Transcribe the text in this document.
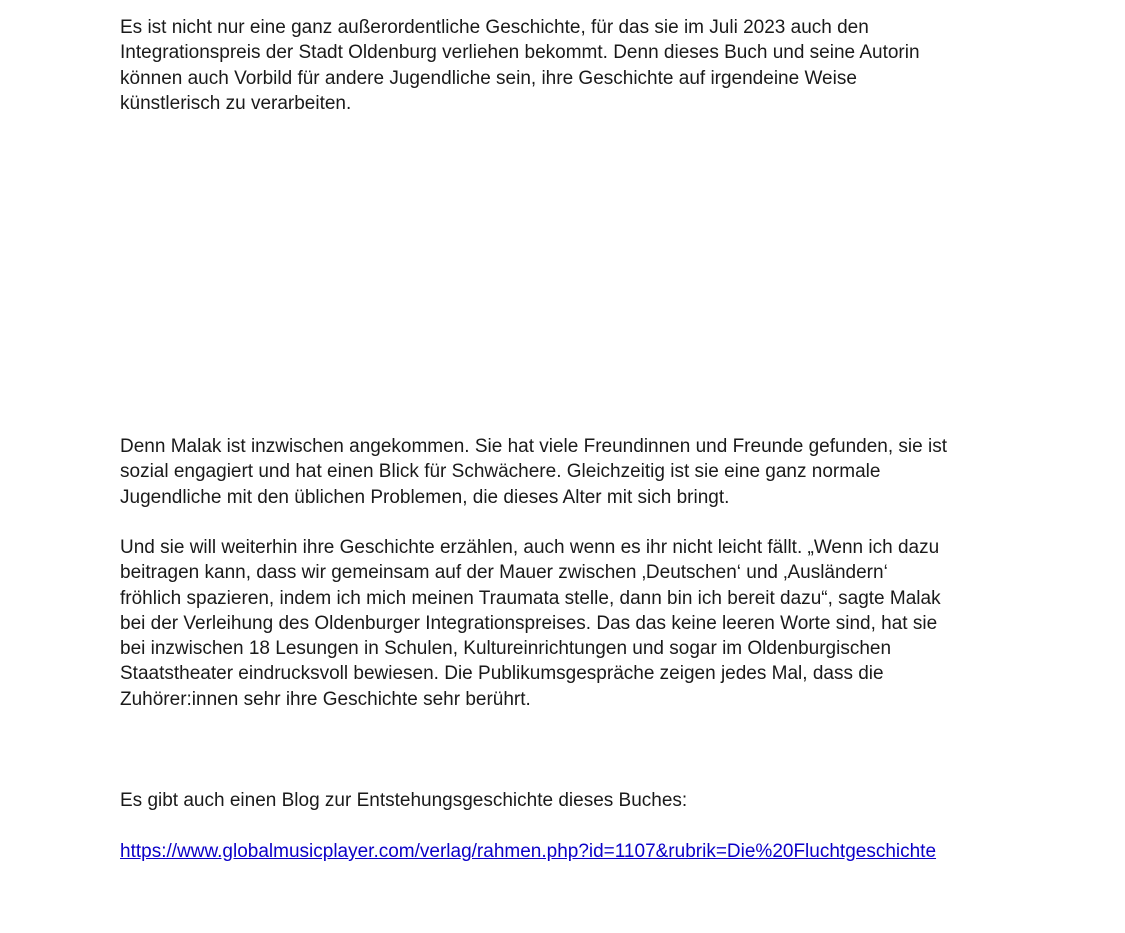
Es ist nicht nur eine ganz außerordentliche Geschichte, für das sie im Juli 2023 auch den
Integrationspreis der Stadt Oldenburg verliehen bekommt. Denn dieses Buch und seine Autorin
können auch Vorbild für andere Jugendliche sein, ihre Geschichte auf irgendeine Weise
künstlerisch zu verarbeiten.

Denn Malak ist inzwischen angekommen. Sie hat viele Freundinnen und Freunde gefunden, sie ist
sozial engagiert und hat einen Blick für Schwächere. Gleichzeitig ist sie eine ganz normale
Jugendliche mit den üblichen Problemen, die dieses Alter mit sich bringt.

Und sie will weiterhin ihre Geschichte erzählen, auch wenn es ihr nicht leicht fällt. „Wenn ich dazu
beitragen kann, dass wir gemeinsam auf der Mauer zwischen ‚Deutschen‘ und ‚Ausländern‘
fröhlich spazieren, indem ich mich meinen Traumata stelle, dann bin ich bereit dazu“, sagte Malak
bei der Verleihung des Oldenburger Integrationspreises. Das das keine leeren Worte sind, hat sie
bei inzwischen 18 Lesungen in Schulen, Kultureinrichtungen und sogar im Oldenburgischen
Staatstheater eindrucksvoll bewiesen. Die Publikumsgespräche zeigen jedes Mal, dass die
Zuhörer:innen sehr ihre Geschichte sehr berührt.

Es gibt auch einen Blog zur Entstehungsgeschichte dieses Buches:

https://www.globalmusicplayer.com/verlag/rahmen.php?id=1107&rubrik=Die%20Fluchtgeschichte
